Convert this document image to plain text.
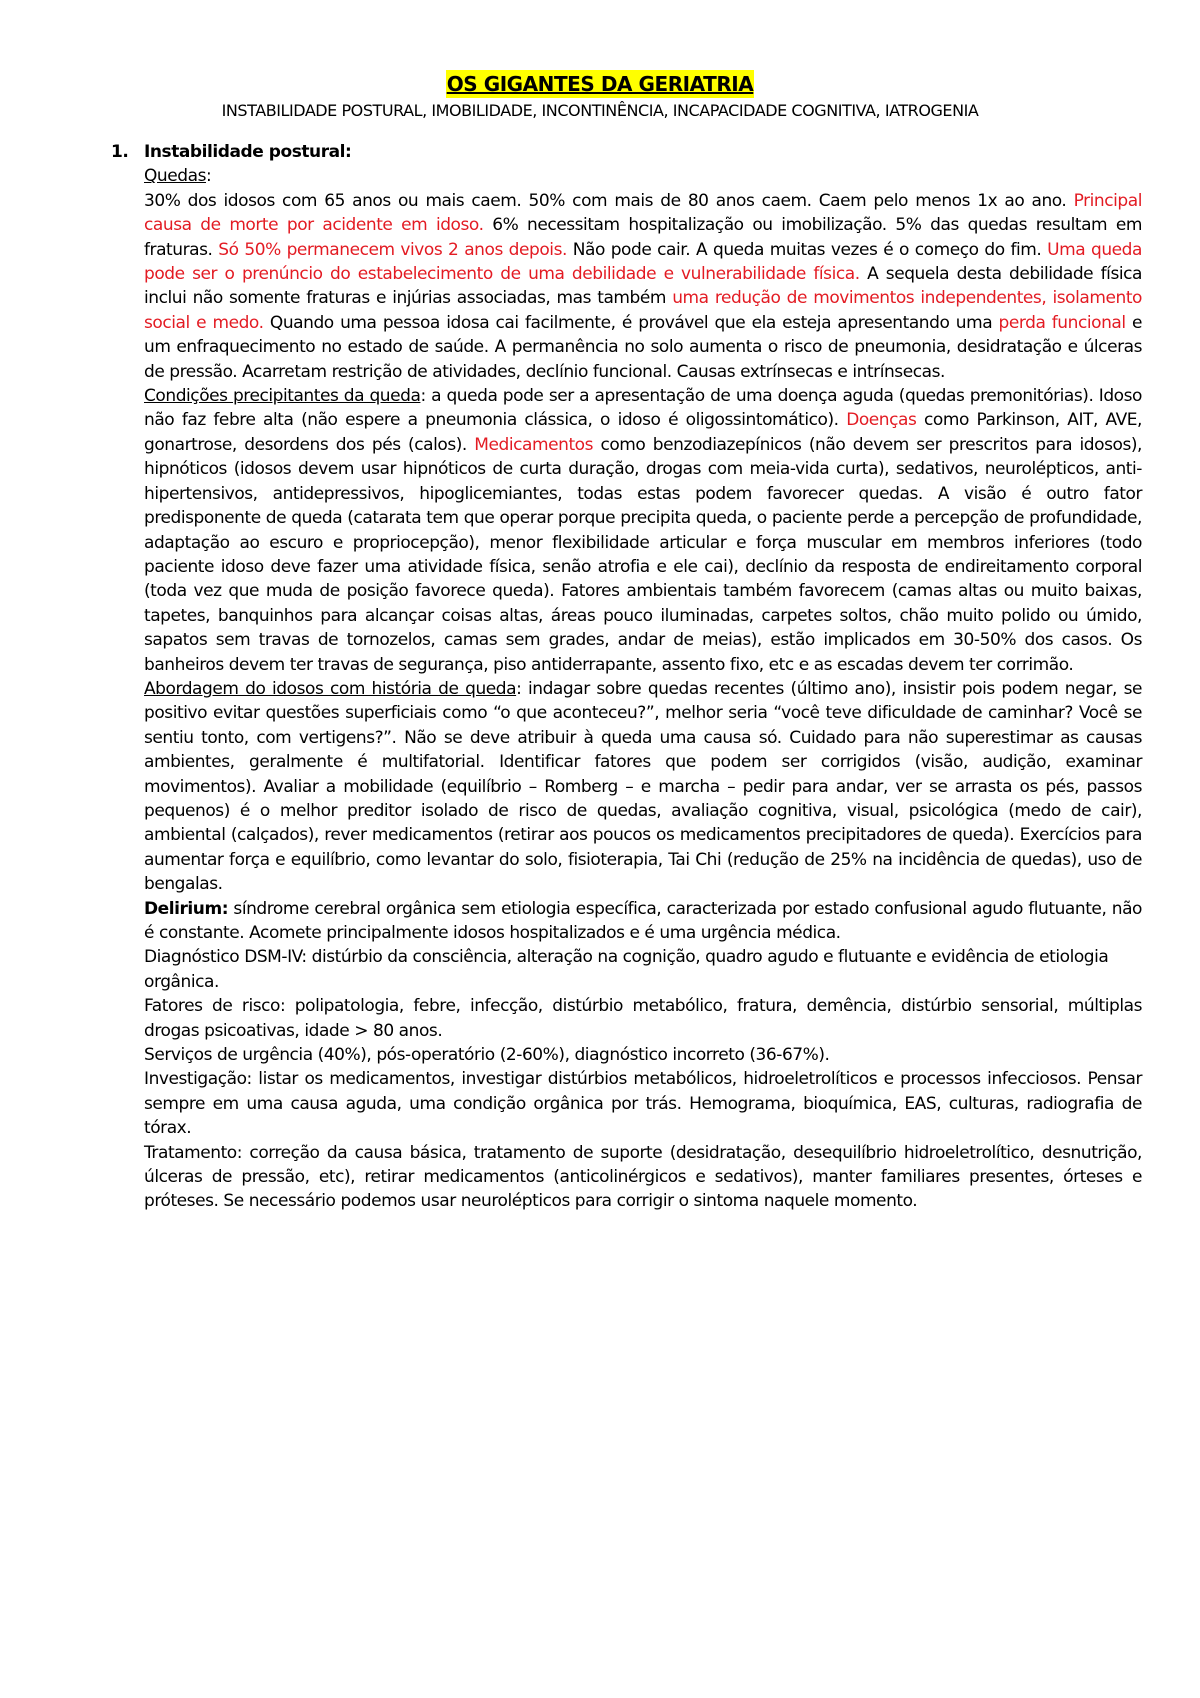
OS GIGANTES DA GERIATRIA
INSTABILIDADE POSTURAL, IMOBILIDADE, INCONTINÊNCIA, INCAPACIDADE COGNITIVA, IATROGENIA
1. Instabilidade postural:
Quedas:

30% dos idosos com 65 anos ou mais caem. 50% com mais de 80 anos caem. Caem pelo menos 1x ao ano. Principal causa de morte por acidente em idoso. 6% necessitam hospitalização ou imobilização. 5% das quedas resultam em fraturas. Só 50% permanecem vivos 2 anos depois. Não pode cair. A queda muitas vezes é o começo do fim. Uma queda pode ser o prenúncio do estabelecimento de uma debilidade e vulnerabilidade física. A sequela desta debilidade física inclui não somente fraturas e injúrias associadas, mas também uma redução de movimentos independentes, isolamento social e medo. Quando uma pessoa idosa cai facilmente, é provável que ela esteja apresentando uma perda funcional e um enfraquecimento no estado de saúde. A permanência no solo aumenta o risco de pneumonia, desidratação e úlceras de pressão. Acarretam restrição de atividades, declínio funcional. Causas extrínsecas e intrínsecas.

Condições precipitantes da queda: a queda pode ser a apresentação de uma doença aguda (quedas premonitórias). Idoso não faz febre alta (não espere a pneumonia clássica, o idoso é oligossintomático). Doenças como Parkinson, AIT, AVE, gonartrose, desordens dos pés (calos). Medicamentos como benzodiazepínicos (não devem ser prescritos para idosos), hipnóticos (idosos devem usar hipnóticos de curta duração, drogas com meia-vida curta), sedativos, neurolépticos, anti-hipertensivos, antidepressivos, hipoglicemiantes, todas estas podem favorecer quedas. A visão é outro fator predisponente de queda (catarata tem que operar porque precipita queda, o paciente perde a percepção de profundidade, adaptação ao escuro e propriocepção), menor flexibilidade articular e força muscular em membros inferiores (todo paciente idoso deve fazer uma atividade física, senão atrofia e ele cai), declínio da resposta de endireitamento corporal (toda vez que muda de posição favorece queda). Fatores ambientais também favorecem (camas altas ou muito baixas, tapetes, banquinhos para alcançar coisas altas, áreas pouco iluminadas, carpetes soltos, chão muito polido ou úmido, sapatos sem travas de tornozelos, camas sem grades, andar de meias), estão implicados em 30-50% dos casos. Os banheiros devem ter travas de segurança, piso antiderrapante, assento fixo, etc e as escadas devem ter corrimão.

Abordagem do idosos com história de queda: indagar sobre quedas recentes (último ano), insistir pois podem negar, se positivo evitar questões superficiais como “o que aconteceu?”, melhor seria “você teve dificuldade de caminhar? Você se sentiu tonto, com vertigens?”. Não se deve atribuir à queda uma causa só. Cuidado para não superestimar as causas ambientes, geralmente é multifatorial. Identificar fatores que podem ser corrigidos (visão, audição, examinar movimentos). Avaliar a mobilidade (equilíbrio – Romberg – e marcha – pedir para andar, ver se arrasta os pés, passos pequenos) é o melhor preditor isolado de risco de quedas, avaliação cognitiva, visual, psicológica (medo de cair), ambiental (calçados), rever medicamentos (retirar aos poucos os medicamentos precipitadores de queda). Exercícios para aumentar força e equilíbrio, como levantar do solo, fisioterapia, Tai Chi (redução de 25% na incidência de quedas), uso de bengalas.

Delirium: síndrome cerebral orgânica sem etiologia específica, caracterizada por estado confusional agudo flutuante, não é constante. Acomete principalmente idosos hospitalizados e é uma urgência médica.

Diagnóstico DSM-IV: distúrbio da consciência, alteração na cognição, quadro agudo e flutuante e evidência de etiologia orgânica.

Fatores de risco: polipatologia, febre, infecção, distúrbio metabólico, fratura, demência, distúrbio sensorial, múltiplas drogas psicoativas, idade > 80 anos.

Serviços de urgência (40%), pós-operatório (2-60%), diagnóstico incorreto (36-67%).

Investigação: listar os medicamentos, investigar distúrbios metabólicos, hidroeletrolíticos e processos infecciosos. Pensar sempre em uma causa aguda, uma condição orgânica por trás. Hemograma, bioquímica, EAS, culturas, radiografia de tórax.

Tratamento: correção da causa básica, tratamento de suporte (desidratação, desequilíbrio hidroeletrolítico, desnutrição, úlceras de pressão, etc), retirar medicamentos (anticolinérgicos e sedativos), manter familiares presentes, órteses e próteses. Se necessário podemos usar neurolépticos para corrigir o sintoma naquele momento.
